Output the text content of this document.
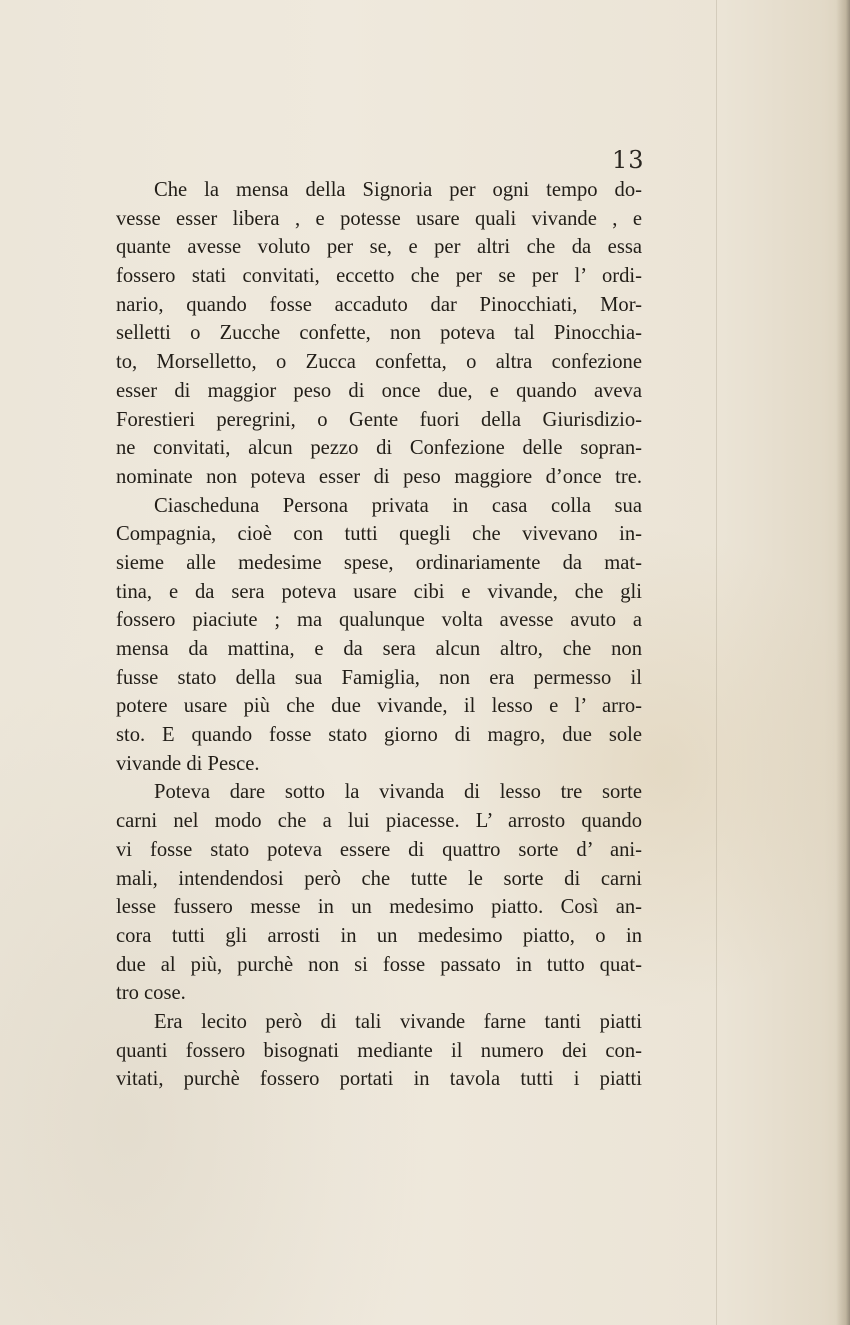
13
Che la mensa della Signoria per ogni tempo do-
vesse esser libera , e potesse usare quali vivande , e
quante avesse voluto per se, e per altri che da essa
fossero stati convitati, eccetto che per se per l’ ordi-
nario, quando fosse accaduto dar Pinocchiati, Mor-
selletti o Zucche confette, non poteva tal Pinocchia-
to, Morselletto, o Zucca confetta, o altra confezione
esser di maggior peso di once due, e quando aveva
Forestieri peregrini, o Gente fuori della Giurisdizio-
ne convitati, alcun pezzo di Confezione delle sopran-
nominate non poteva esser di peso maggiore d’once tre.
Ciascheduna Persona privata in casa colla sua
Compagnia, cioè con tutti quegli che vivevano in-
sieme alle medesime spese, ordinariamente da mat-
tina, e da sera poteva usare cibi e vivande, che gli
fossero piaciute ; ma qualunque volta avesse avuto a
mensa da mattina, e da sera alcun altro, che non
fusse stato della sua Famiglia, non era permesso il
potere usare più che due vivande, il lesso e l’ arro-
sto. E quando fosse stato giorno di magro, due sole
vivande di Pesce.
Poteva dare sotto la vivanda di lesso tre sorte
carni nel modo che a lui piacesse. L’ arrosto quando
vi fosse stato poteva essere di quattro sorte d’ ani-
mali, intendendosi però che tutte le sorte di carni
lesse fussero messe in un medesimo piatto. Così an-
cora tutti gli arrosti in un medesimo piatto, o in
due al più, purchè non si fosse passato in tutto quat-
tro cose.
Era lecito però di tali vivande farne tanti piatti
quanti fossero bisognati mediante il numero dei con-
vitati, purchè fossero portati in tavola tutti i piatti
